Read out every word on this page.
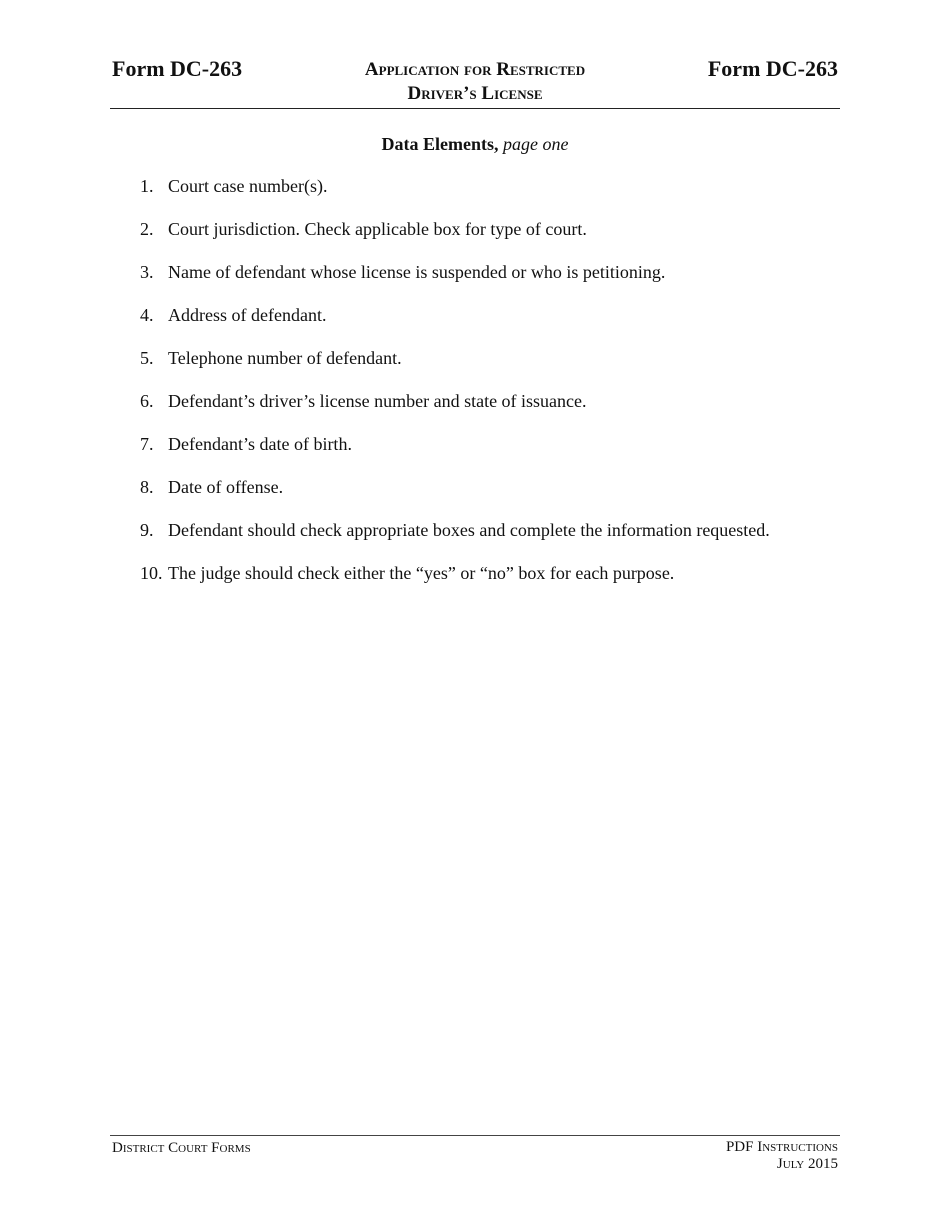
Form DC-263	Application for Restricted
Driver’s License
Form DC-263
Data Elements, page one
1. Court case number(s).
2. Court jurisdiction. Check applicable box for type of court.
3. Name of defendant whose license is suspended or who is petitioning.
4. Address of defendant.
5. Telephone number of defendant.
6. Defendant’s driver’s license number and state of issuance.
7. Defendant’s date of birth.
8. Date of offense.
9. Defendant should check appropriate boxes and complete the information requested.
10. The judge should check either the “yes” or “no” box for each purpose.
District Court Forms	PDF Instructions
July 2015
